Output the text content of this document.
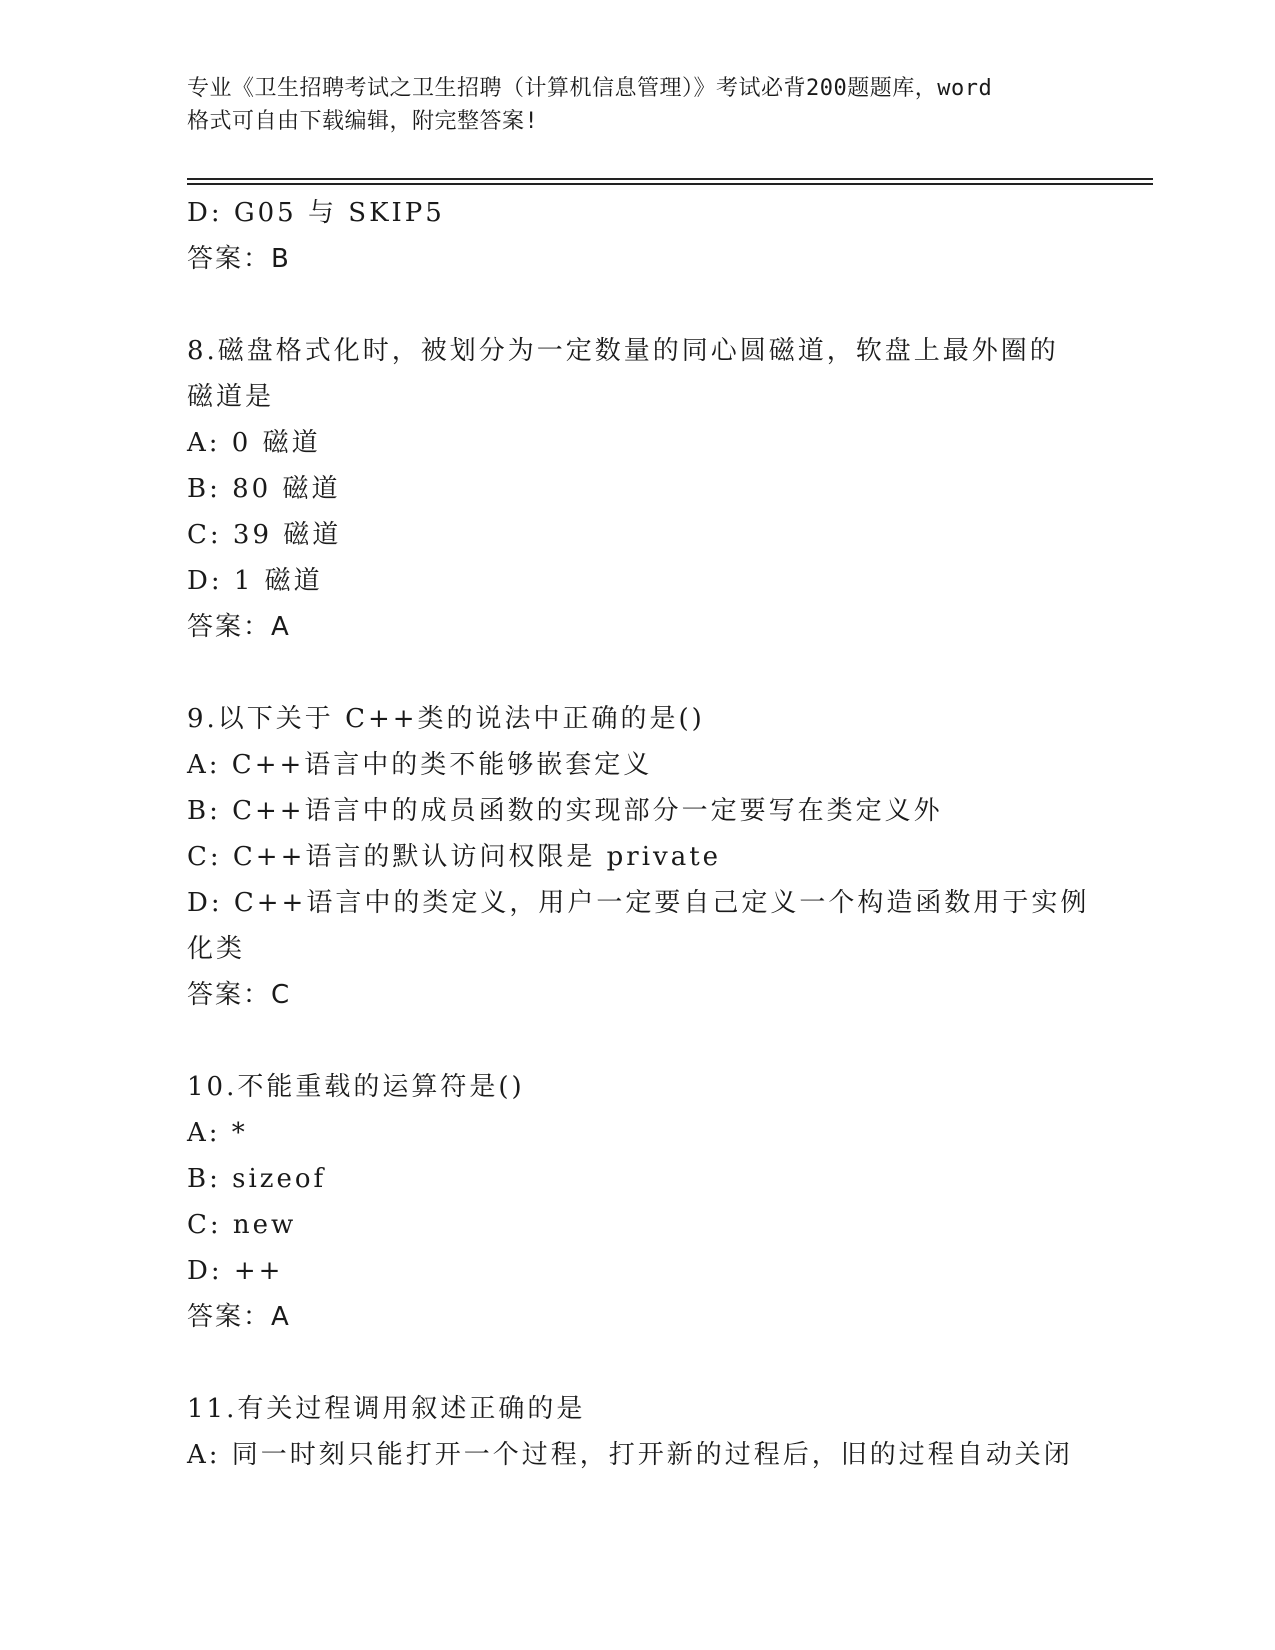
专业《卫生招聘考试之卫生招聘（计算机信息管理）》考试必背200题题库，word
格式可自由下载编辑，附完整答案!
D: G05 与 SKIP5
答案：B
8.磁盘格式化时，被划分为一定数量的同心圆磁道，软盘上最外圈的
磁道是
A: 0 磁道
B: 80 磁道
C: 39 磁道
D: 1 磁道
答案：A
9.以下关于 C++类的说法中正确的是()
A: C++语言中的类不能够嵌套定义
B: C++语言中的成员函数的实现部分一定要写在类定义外
C: C++语言的默认访问权限是 private
D: C++语言中的类定义，用户一定要自己定义一个构造函数用于实例
化类
答案：C
10.不能重载的运算符是()
A: *
B: sizeof
C: new
D: ++
答案：A
11.有关过程调用叙述正确的是
A: 同一时刻只能打开一个过程，打开新的过程后，旧的过程自动关闭
